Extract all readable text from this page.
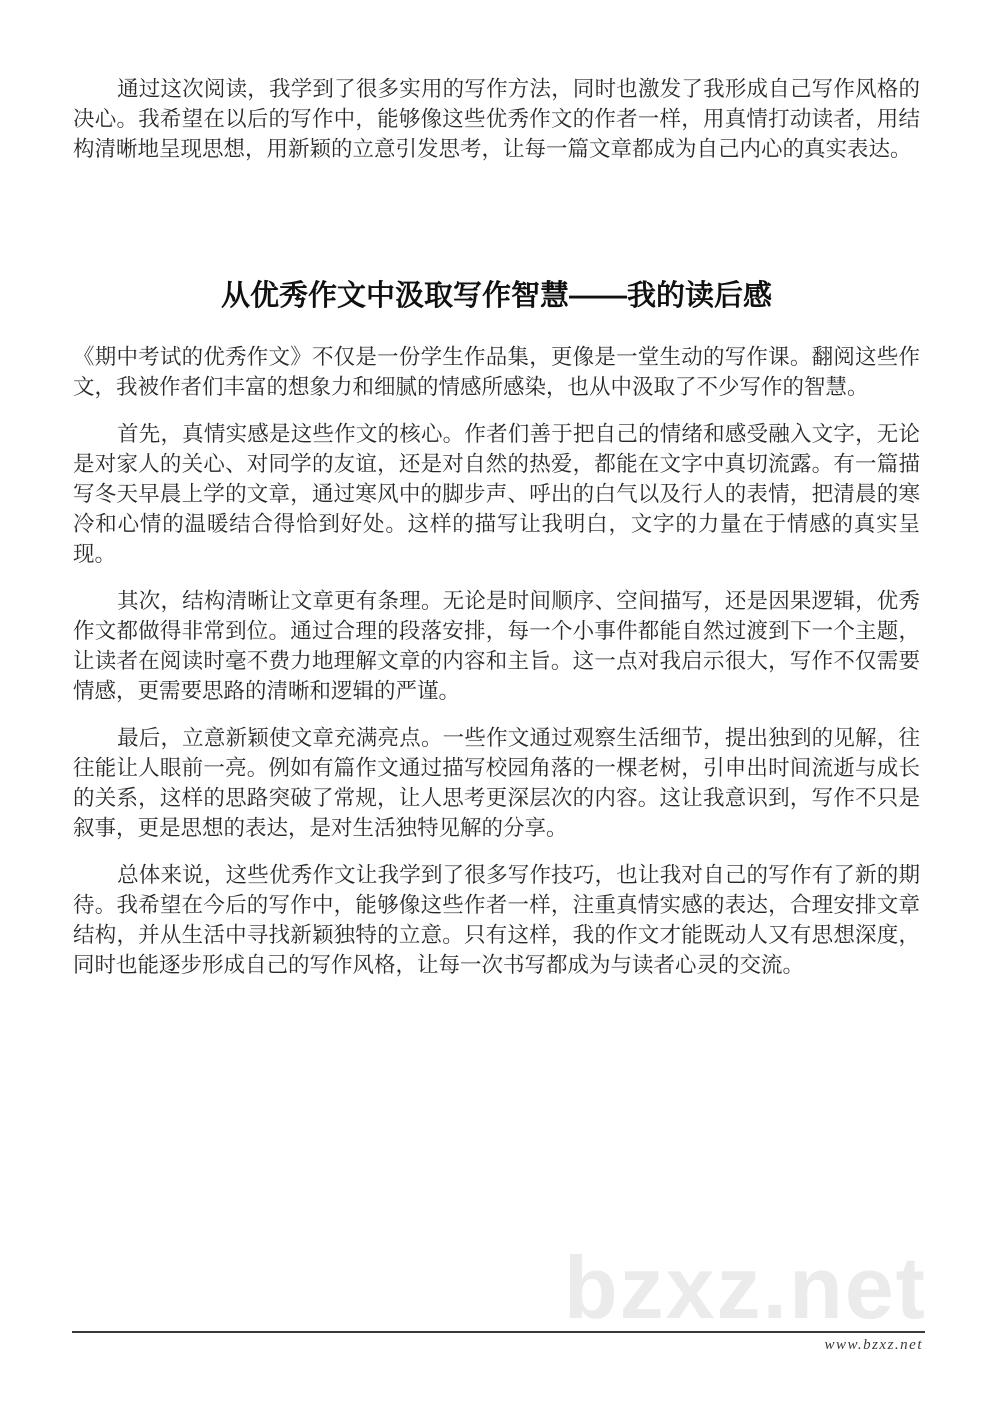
通过这次阅读，我学到了很多实用的写作方法，同时也激发了我形成自己写作风格的决心。我希望在以后的写作中，能够像这些优秀作文的作者一样，用真情打动读者，用结构清晰地呈现思想，用新颖的立意引发思考，让每一篇文章都成为自己内心的真实表达。

从优秀作文中汲取写作智慧——我的读后感

《期中考试的优秀作文》不仅是一份学生作品集，更像是一堂生动的写作课。翻阅这些作文，我被作者们丰富的想象力和细腻的情感所感染，也从中汲取了不少写作的智慧。

首先，真情实感是这些作文的核心。作者们善于把自己的情绪和感受融入文字，无论是对家人的关心、对同学的友谊，还是对自然的热爱，都能在文字中真切流露。有一篇描写冬天早晨上学的文章，通过寒风中的脚步声、呼出的白气以及行人的表情，把清晨的寒冷和心情的温暖结合得恰到好处。这样的描写让我明白，文字的力量在于情感的真实呈现。

其次，结构清晰让文章更有条理。无论是时间顺序、空间描写，还是因果逻辑，优秀作文都做得非常到位。通过合理的段落安排，每一个小事件都能自然过渡到下一个主题，让读者在阅读时毫不费力地理解文章的内容和主旨。这一点对我启示很大，写作不仅需要情感，更需要思路的清晰和逻辑的严谨。

最后，立意新颖使文章充满亮点。一些作文通过观察生活细节，提出独到的见解，往往能让人眼前一亮。例如有篇作文通过描写校园角落的一棵老树，引申出时间流逝与成长的关系，这样的思路突破了常规，让人思考更深层次的内容。这让我意识到，写作不只是叙事，更是思想的表达，是对生活独特见解的分享。

总体来说，这些优秀作文让我学到了很多写作技巧，也让我对自己的写作有了新的期待。我希望在今后的写作中，能够像这些作者一样，注重真情实感的表达，合理安排文章结构，并从生活中寻找新颖独特的立意。只有这样，我的作文才能既动人又有思想深度，同时也能逐步形成自己的写作风格，让每一次书写都成为与读者心灵的交流。

bzxz.net
www.bzxz.net
